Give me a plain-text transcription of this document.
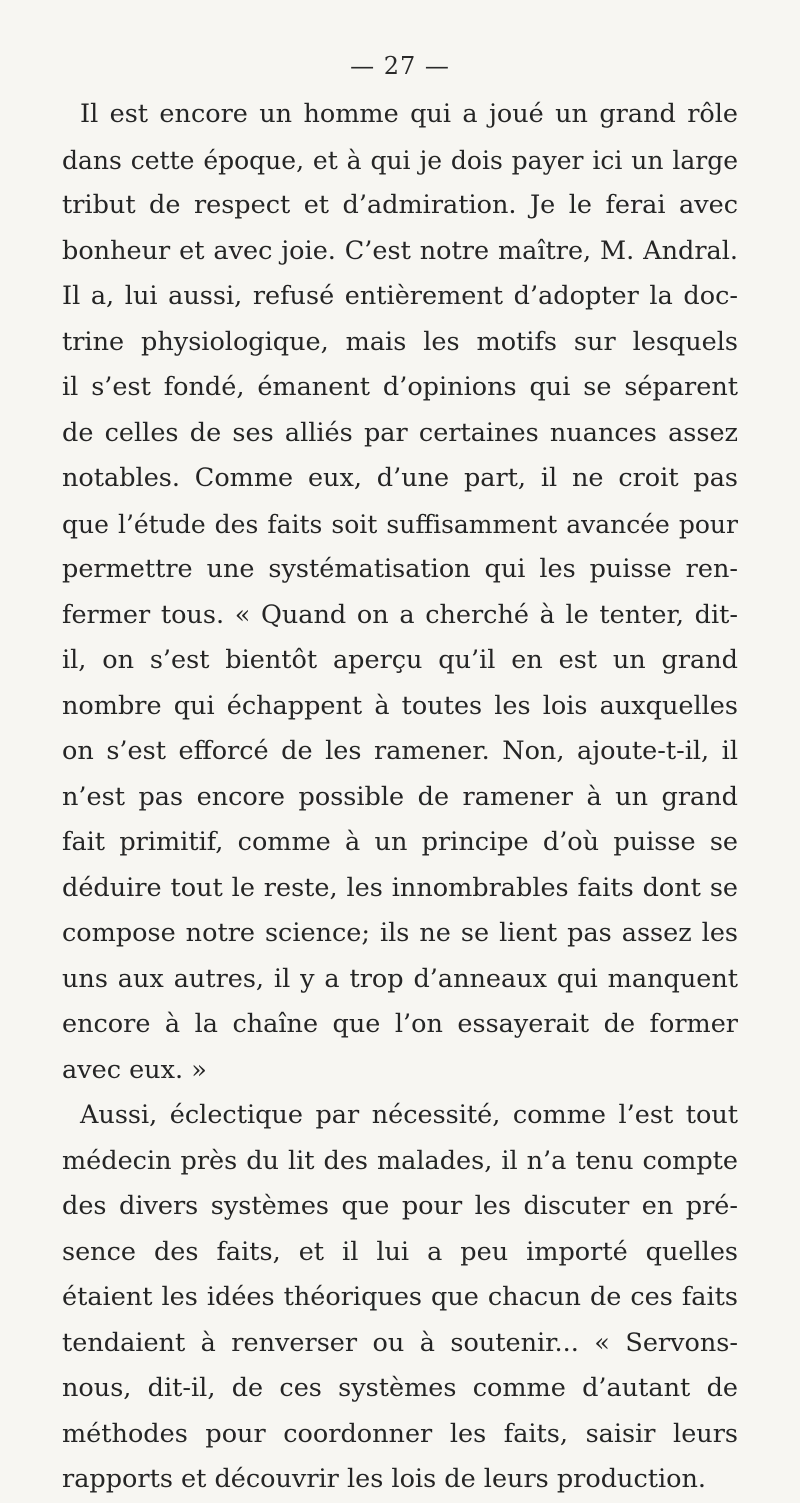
— 27 —
Il est encore un homme qui a joué un grand rôle
dans cette époque, et à qui je dois payer ici un large
tribut de respect et d’admiration. Je le ferai avec
bonheur et avec joie. C’est notre maître, M. Andral.
Il a, lui aussi, refusé entièrement d’adopter la doc-
trine physiologique, mais les motifs sur lesquels
il s’est fondé, émanent d’opinions qui se séparent
de celles de ses alliés par certaines nuances assez
notables. Comme eux, d’une part, il ne croit pas
que l’étude des faits soit suffisamment avancée pour
permettre une systématisation qui les puisse ren-
fermer tous. « Quand on a cherché à le tenter, dit-
il, on s’est bientôt aperçu qu’il en est un grand
nombre qui échappent à toutes les lois auxquelles
on s’est efforcé de les ramener. Non, ajoute-t-il, il
n’est pas encore possible de ramener à un grand
fait primitif, comme à un principe d’où puisse se
déduire tout le reste, les innombrables faits dont se
compose notre science; ils ne se lient pas assez les
uns aux autres, il y a trop d’anneaux qui manquent
encore à la chaîne que l’on essayerait de former
avec eux. »
Aussi, éclectique par nécessité, comme l’est tout
médecin près du lit des malades, il n’a tenu compte
des divers systèmes que pour les discuter en pré-
sence des faits, et il lui a peu importé quelles
étaient les idées théoriques que chacun de ces faits
tendaient à renverser ou à soutenir... « Servons-
nous, dit-il, de ces systèmes comme d’autant de
méthodes pour coordonner les faits, saisir leurs
rapports et découvrir les lois de leurs production.
